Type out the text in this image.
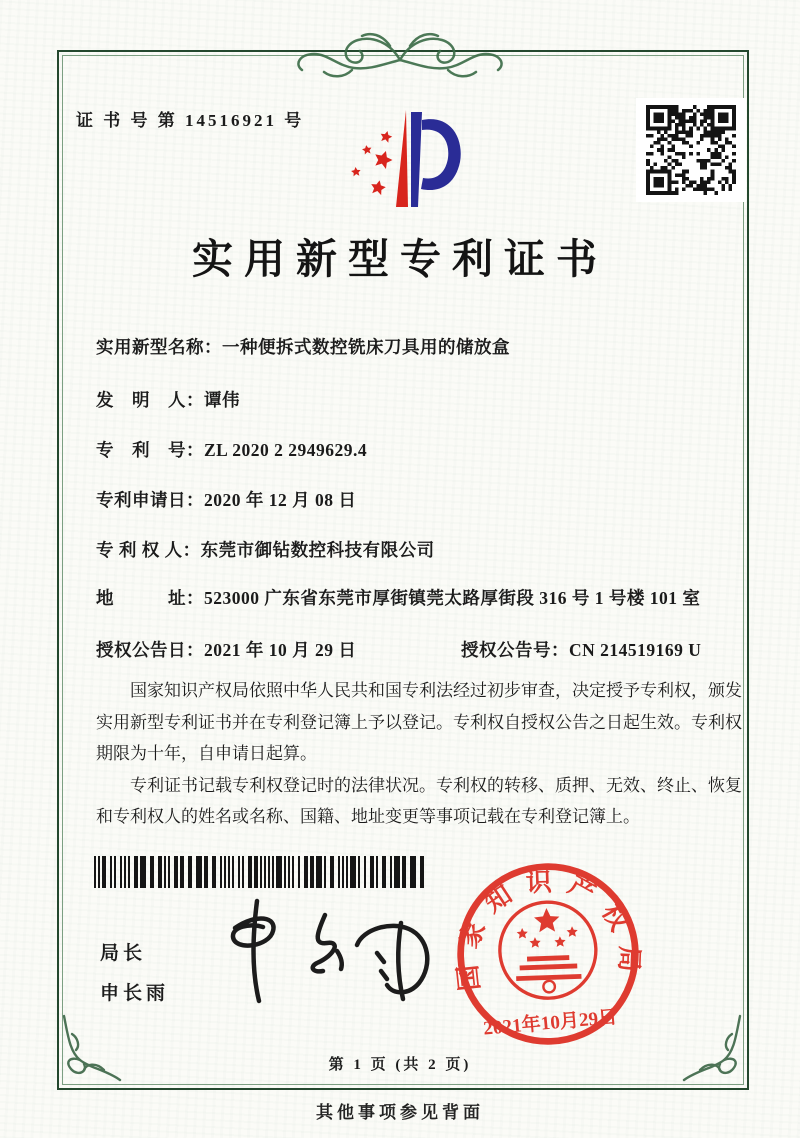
证 书 号 第 14516921 号
实用新型专利证书
实用新型名称： 一种便拆式数控铣床刀具用的储放盒
发　明　人： 谭伟
专　利　号： ZL 2020 2 2949629.4
专利申请日： 2020 年 12 月 08 日
专 利 权 人： 东莞市御钻数控科技有限公司
地　　　址： 523000 广东省东莞市厚街镇莞太路厚街段 316 号 1 号楼 101 室
授权公告日： 2021 年 10 月 29 日	授权公告号： CN 214519169 U

国家知识产权局依照中华人民共和国专利法经过初步审查，决定授予专利权，颁发实用新型专利证书并在专利登记簿上予以登记。专利权自授权公告之日起生效。专利权期限为十年，自申请日起算。

专利证书记载专利权登记时的法律状况。专利权的转移、质押、无效、终止、恢复和专利权人的姓名或名称、国籍、地址变更等事项记载在专利登记簿上。

局长
申长雨
国家知识产权局
2021年10月29日
第 1 页 (共 2 页)
其他事项参见背面
